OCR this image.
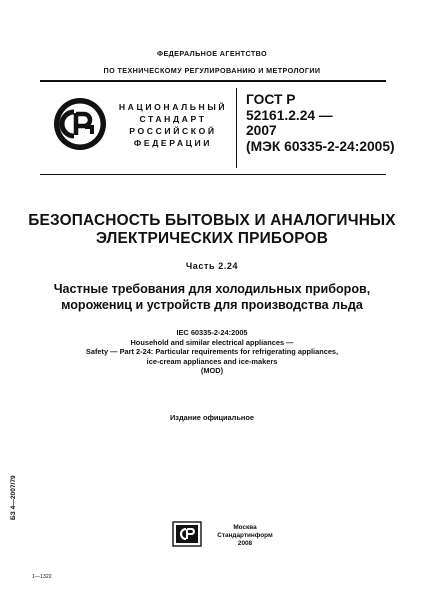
ФЕДЕРАЛЬНОЕ АГЕНТСТВО
ПО ТЕХНИЧЕСКОМУ РЕГУЛИРОВАНИЮ И МЕТРОЛОГИИ
НАЦИОНАЛЬНЫЙ
СТАНДАРТ
РОССИЙСКОЙ
ФЕДЕРАЦИИ
ГОСТ Р
52161.2.24 —
2007
(МЭК 60335-2-24:2005)
БЕЗОПАСНОСТЬ БЫТОВЫХ И АНАЛОГИЧНЫХ
ЭЛЕКТРИЧЕСКИХ ПРИБОРОВ
Часть 2.24
Частные требования для холодильных приборов,
морожениц и устройств для производства льда
IEC 60335-2-24:2005
Household and similar electrical appliances —
Safety — Part 2-24: Particular requirements for refrigerating appliances,
ice-cream appliances and ice-makers
(MOD)
Издание официальное
БЗ 4—2007/79
Москва
Стандартинформ
2008
1—1322
